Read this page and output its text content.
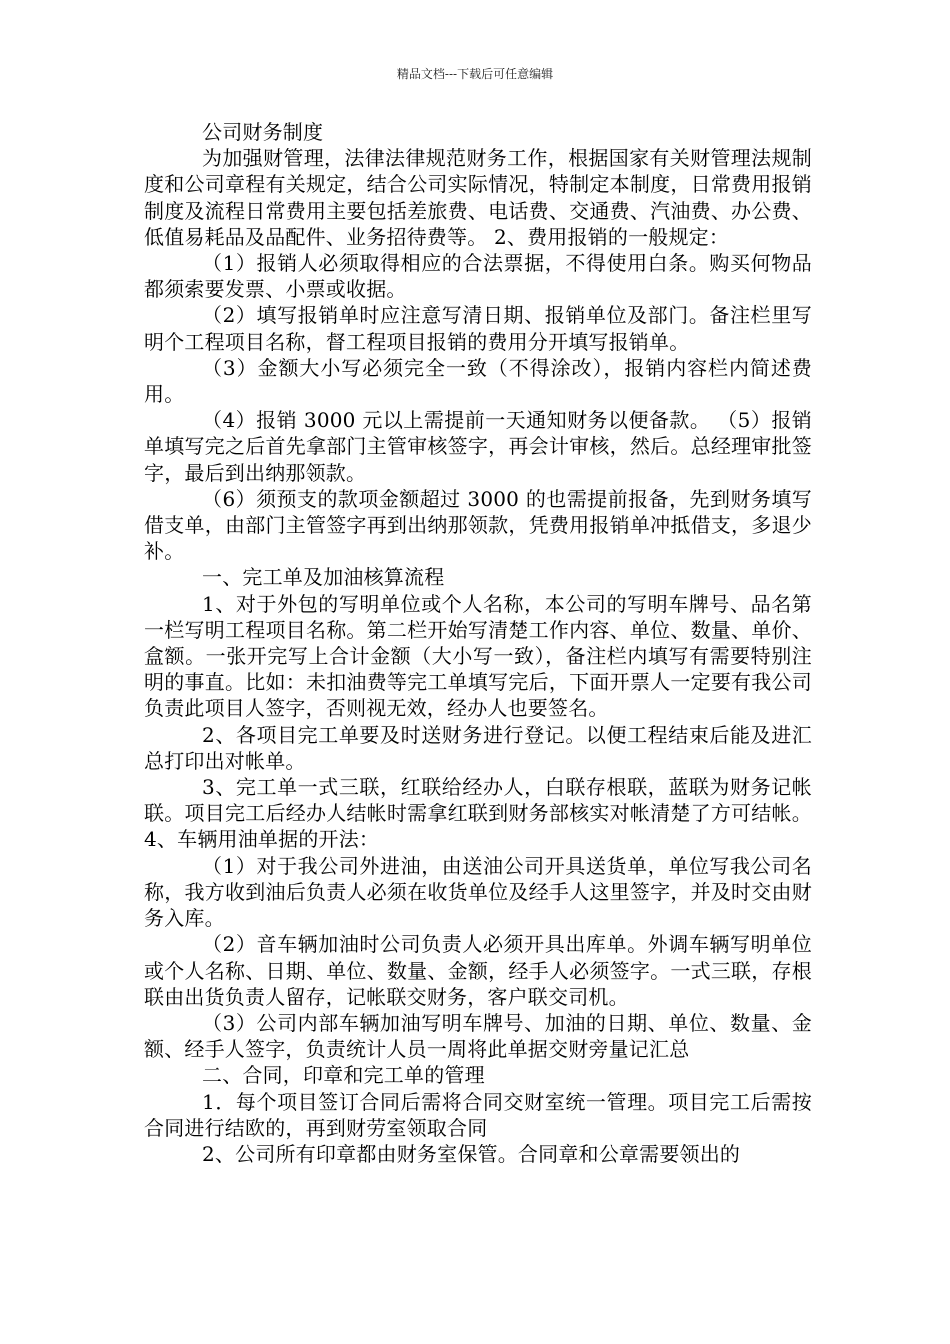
精品文档---下载后可任意编辑

公司财务制度

为加强财管理，法律法律规范财务工作，根据国家有关财管理法规制度和公司章程有关规定，结合公司实际情况，特制定本制度，日常费用报销制度及流程日常费用主要包括差旅费、电话费、交通费、汽油费、办公费、低值易耗品及品配件、业务招待费等。 2、费用报销的一般规定：

（1）报销人必须取得相应的合法票据，不得使用白条。购买何物品都须索要发票、小票或收据。

（2）填写报销单时应注意写清日期、报销单位及部门。备注栏里写明个工程项目名称，督工程项目报销的费用分开填写报销单。

（3）金额大小写必须完全一致（不得涂改），报销内容栏内简述费用。

（4）报销 3000 元以上需提前一天通知财务以便备款。 （5）报销单填写完之后首先拿部门主管审核签字，再会计审核，然后。总经理审批签字，最后到出纳那领款。

（6）须预支的款项金额超过 3000 的也需提前报备，先到财务填写借支单，由部门主管签字再到出纳那领款，凭费用报销单冲抵借支，多退少补。

一、完工单及加油核算流程

1、对于外包的写明单位或个人名称，本公司的写明车牌号、品名第一栏写明工程项目名称。第二栏开始写清楚工作内容、单位、数量、单价、盒额。一张开完写上合计金额（大小写一致），备注栏内填写有需要特别注明的事直。比如：未扣油费等完工单填写完后，下面开票人一定要有我公司负责此项目人签字，否则视无效，经办人也要签名。

2、各项目完工单要及时送财务进行登记。以便工程结束后能及进汇总打印出对帐单。

3、完工单一式三联，红联给经办人，白联存根联，蓝联为财务记帐联。项目完工后经办人结帐时需拿红联到财务部核实对帐清楚了方可结帐。 4、车辆用油单据的开法：

（1）对于我公司外进油，由送油公司开具送货单，单位写我公司名称，我方收到油后负责人必须在收货单位及经手人这里签字，并及时交由财务入库。

（2）音车辆加油时公司负责人必须开具出库单。外调车辆写明单位或个人名称、日期、单位、数量、金额，经手人必须签字。一式三联，存根联由出货负责人留存，记帐联交财务，客户联交司机。

（3）公司内部车辆加油写明车牌号、加油的日期、单位、数量、金额、经手人签字，负责统计人员一周将此单据交财旁量记汇总

二、合同，印章和完工单的管理

1．每个项目签订合同后需将合同交财室统一管理。项目完工后需按合同进行结欧的，再到财劳室领取合同

2、公司所有印章都由财务室保管。合同章和公章需要领出的
